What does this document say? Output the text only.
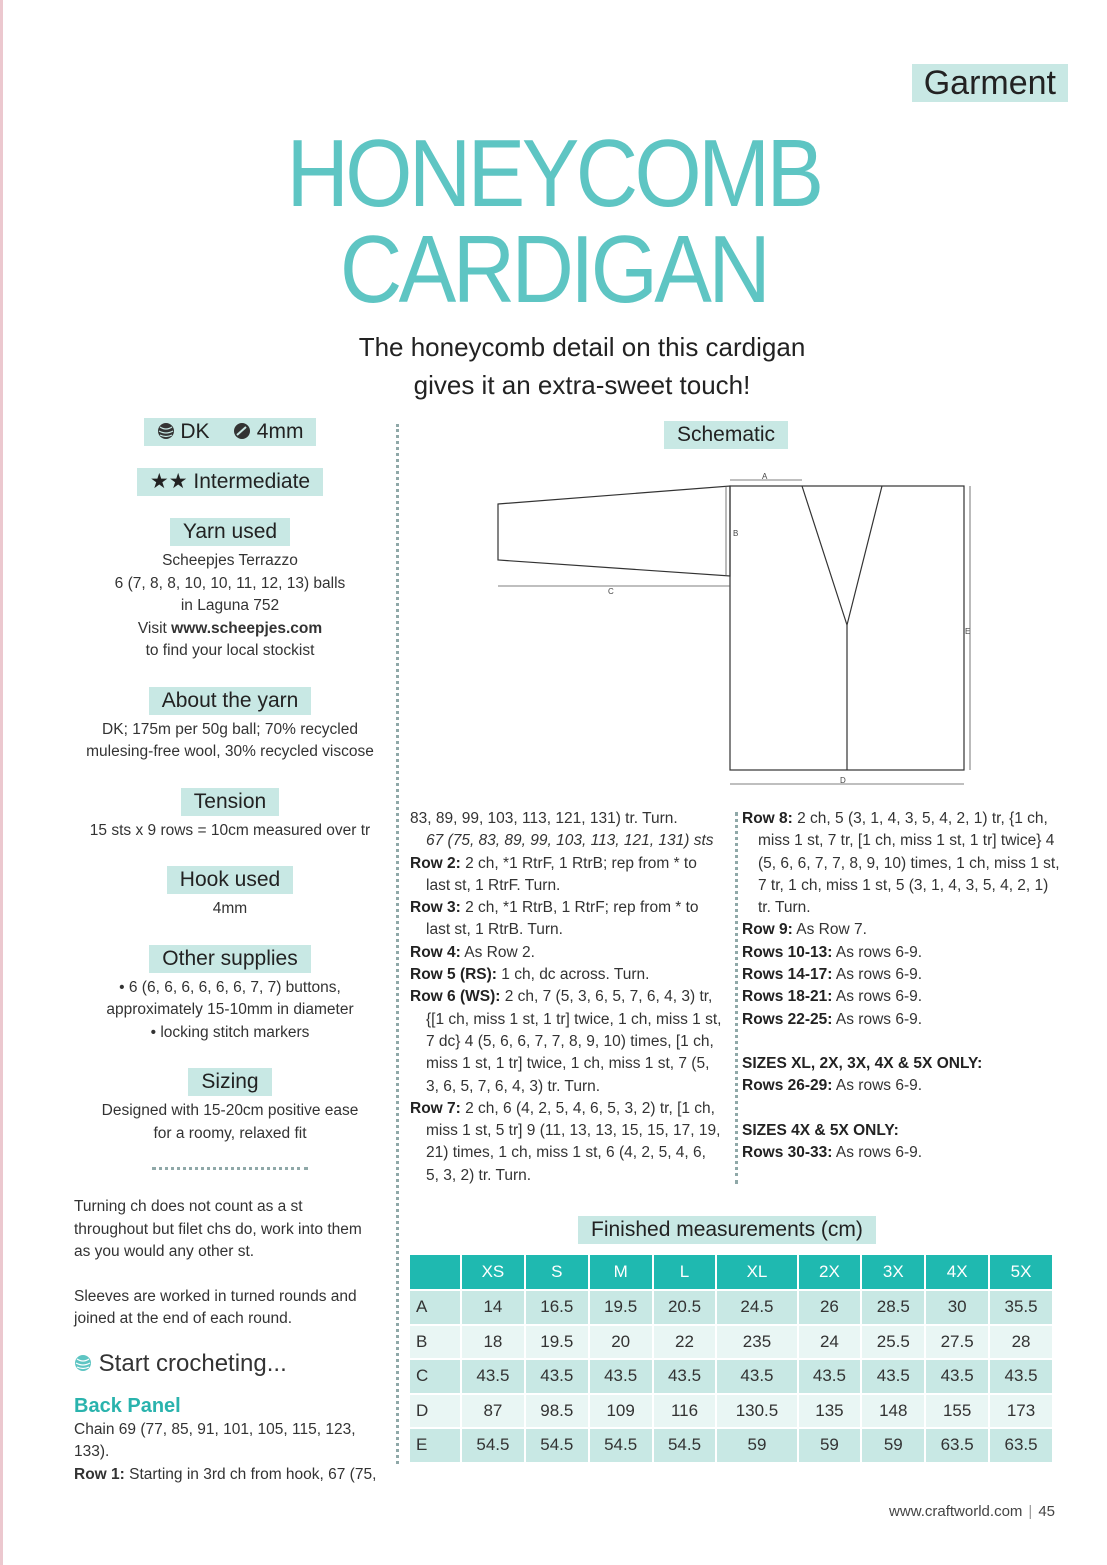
Garment
HONEYCOMB
CARDIGAN
The honeycomb detail on this cardigan
gives it an extra-sweet touch!
DK 4mm
★★ Intermediate
Yarn used

Scheepjes Terrazzo

6 (7, 8, 8, 10, 10, 11, 12, 13) balls

in Laguna 752

Visit www.scheepjes.com

to find your local stockist

About the yarn

DK; 175m per 50g ball; 70% recycled

mulesing-free wool, 30% recycled viscose

Tension

15 sts x 9 rows = 10cm measured over tr

Hook used

4mm

Other supplies

• 6 (6, 6, 6, 6, 6, 6, 7, 7) buttons,

approximately 15-10mm in diameter

• locking stitch markers

Sizing

Designed with 15-20cm positive ease

for a roomy, relaxed fit

Turning ch does not count as a st

throughout but filet chs do, work into them

as you would any other st.

Sleeves are worked in turned rounds and

joined at the end of each round.

Start crocheting...
Back Panel

Chain 69 (77, 85, 91, 101, 105, 115, 123, 133).

Row 1: Starting in 3rd ch from hook, 67 (75,

Schematic
A
B
C
D
E

83, 89, 99, 103, 113, 121, 131) tr. Turn.
67 (75, 83, 89, 99, 103, 113, 121, 131) sts

Row 2: 2 ch, *1 RtrF, 1 RtrB; rep from * to last st, 1 RtrF. Turn.

Row 3: 2 ch, *1 RtrB, 1 RtrF; rep from * to last st, 1 RtrB. Turn.

Row 4: As Row 2.

Row 5 (RS): 1 ch, dc across. Turn.

Row 6 (WS): 2 ch, 7 (5, 3, 6, 5, 7, 6, 4, 3) tr, {[1 ch, miss 1 st, 1 tr] twice, 1 ch, miss 1 st, 7 dc} 4 (5, 6, 6, 7, 7, 8, 9, 10) times, [1 ch, miss 1 st, 1 tr] twice, 1 ch, miss 1 st, 7 (5, 3, 6, 5, 7, 6, 4, 3) tr. Turn.

Row 7: 2 ch, 6 (4, 2, 5, 4, 6, 5, 3, 2) tr, [1 ch, miss 1 st, 5 tr] 9 (11, 13, 13, 15, 15, 17, 19, 21) times, 1 ch, miss 1 st, 6 (4, 2, 5, 4, 6, 5, 3, 2) tr. Turn.

Row 8: 2 ch, 5 (3, 1, 4, 3, 5, 4, 2, 1) tr, {1 ch, miss 1 st, 7 tr, [1 ch, miss 1 st, 1 tr] twice} 4 (5, 6, 6, 7, 7, 8, 9, 10) times, 1 ch, miss 1 st, 7 tr, 1 ch, miss 1 st, 5 (3, 1, 4, 3, 5, 4, 2, 1) tr. Turn.

Row 9: As Row 7.

Rows 10-13: As rows 6-9.

Rows 14-17: As rows 6-9.

Rows 18-21: As rows 6-9.

Rows 22-25: As rows 6-9.

SIZES XL, 2X, 3X, 4X & 5X ONLY:

Rows 26-29: As rows 6-9.

SIZES 4X & 5X ONLY:

Rows 30-33: As rows 6-9.

Finished measurements (cm)
	XS	S	M	L	XL	2X	3X	4X	5X
A	14	16.5	19.5	20.5	24.5	26	28.5	30	35.5
B	18	19.5	20	22	235	24	25.5	27.5	28
C	43.5	43.5	43.5	43.5	43.5	43.5	43.5	43.5	43.5
D	87	98.5	109	116	130.5	135	148	155	173
E	54.5	54.5	54.5	54.5	59	59	59	63.5	63.5
www.craftworld.com | 45
